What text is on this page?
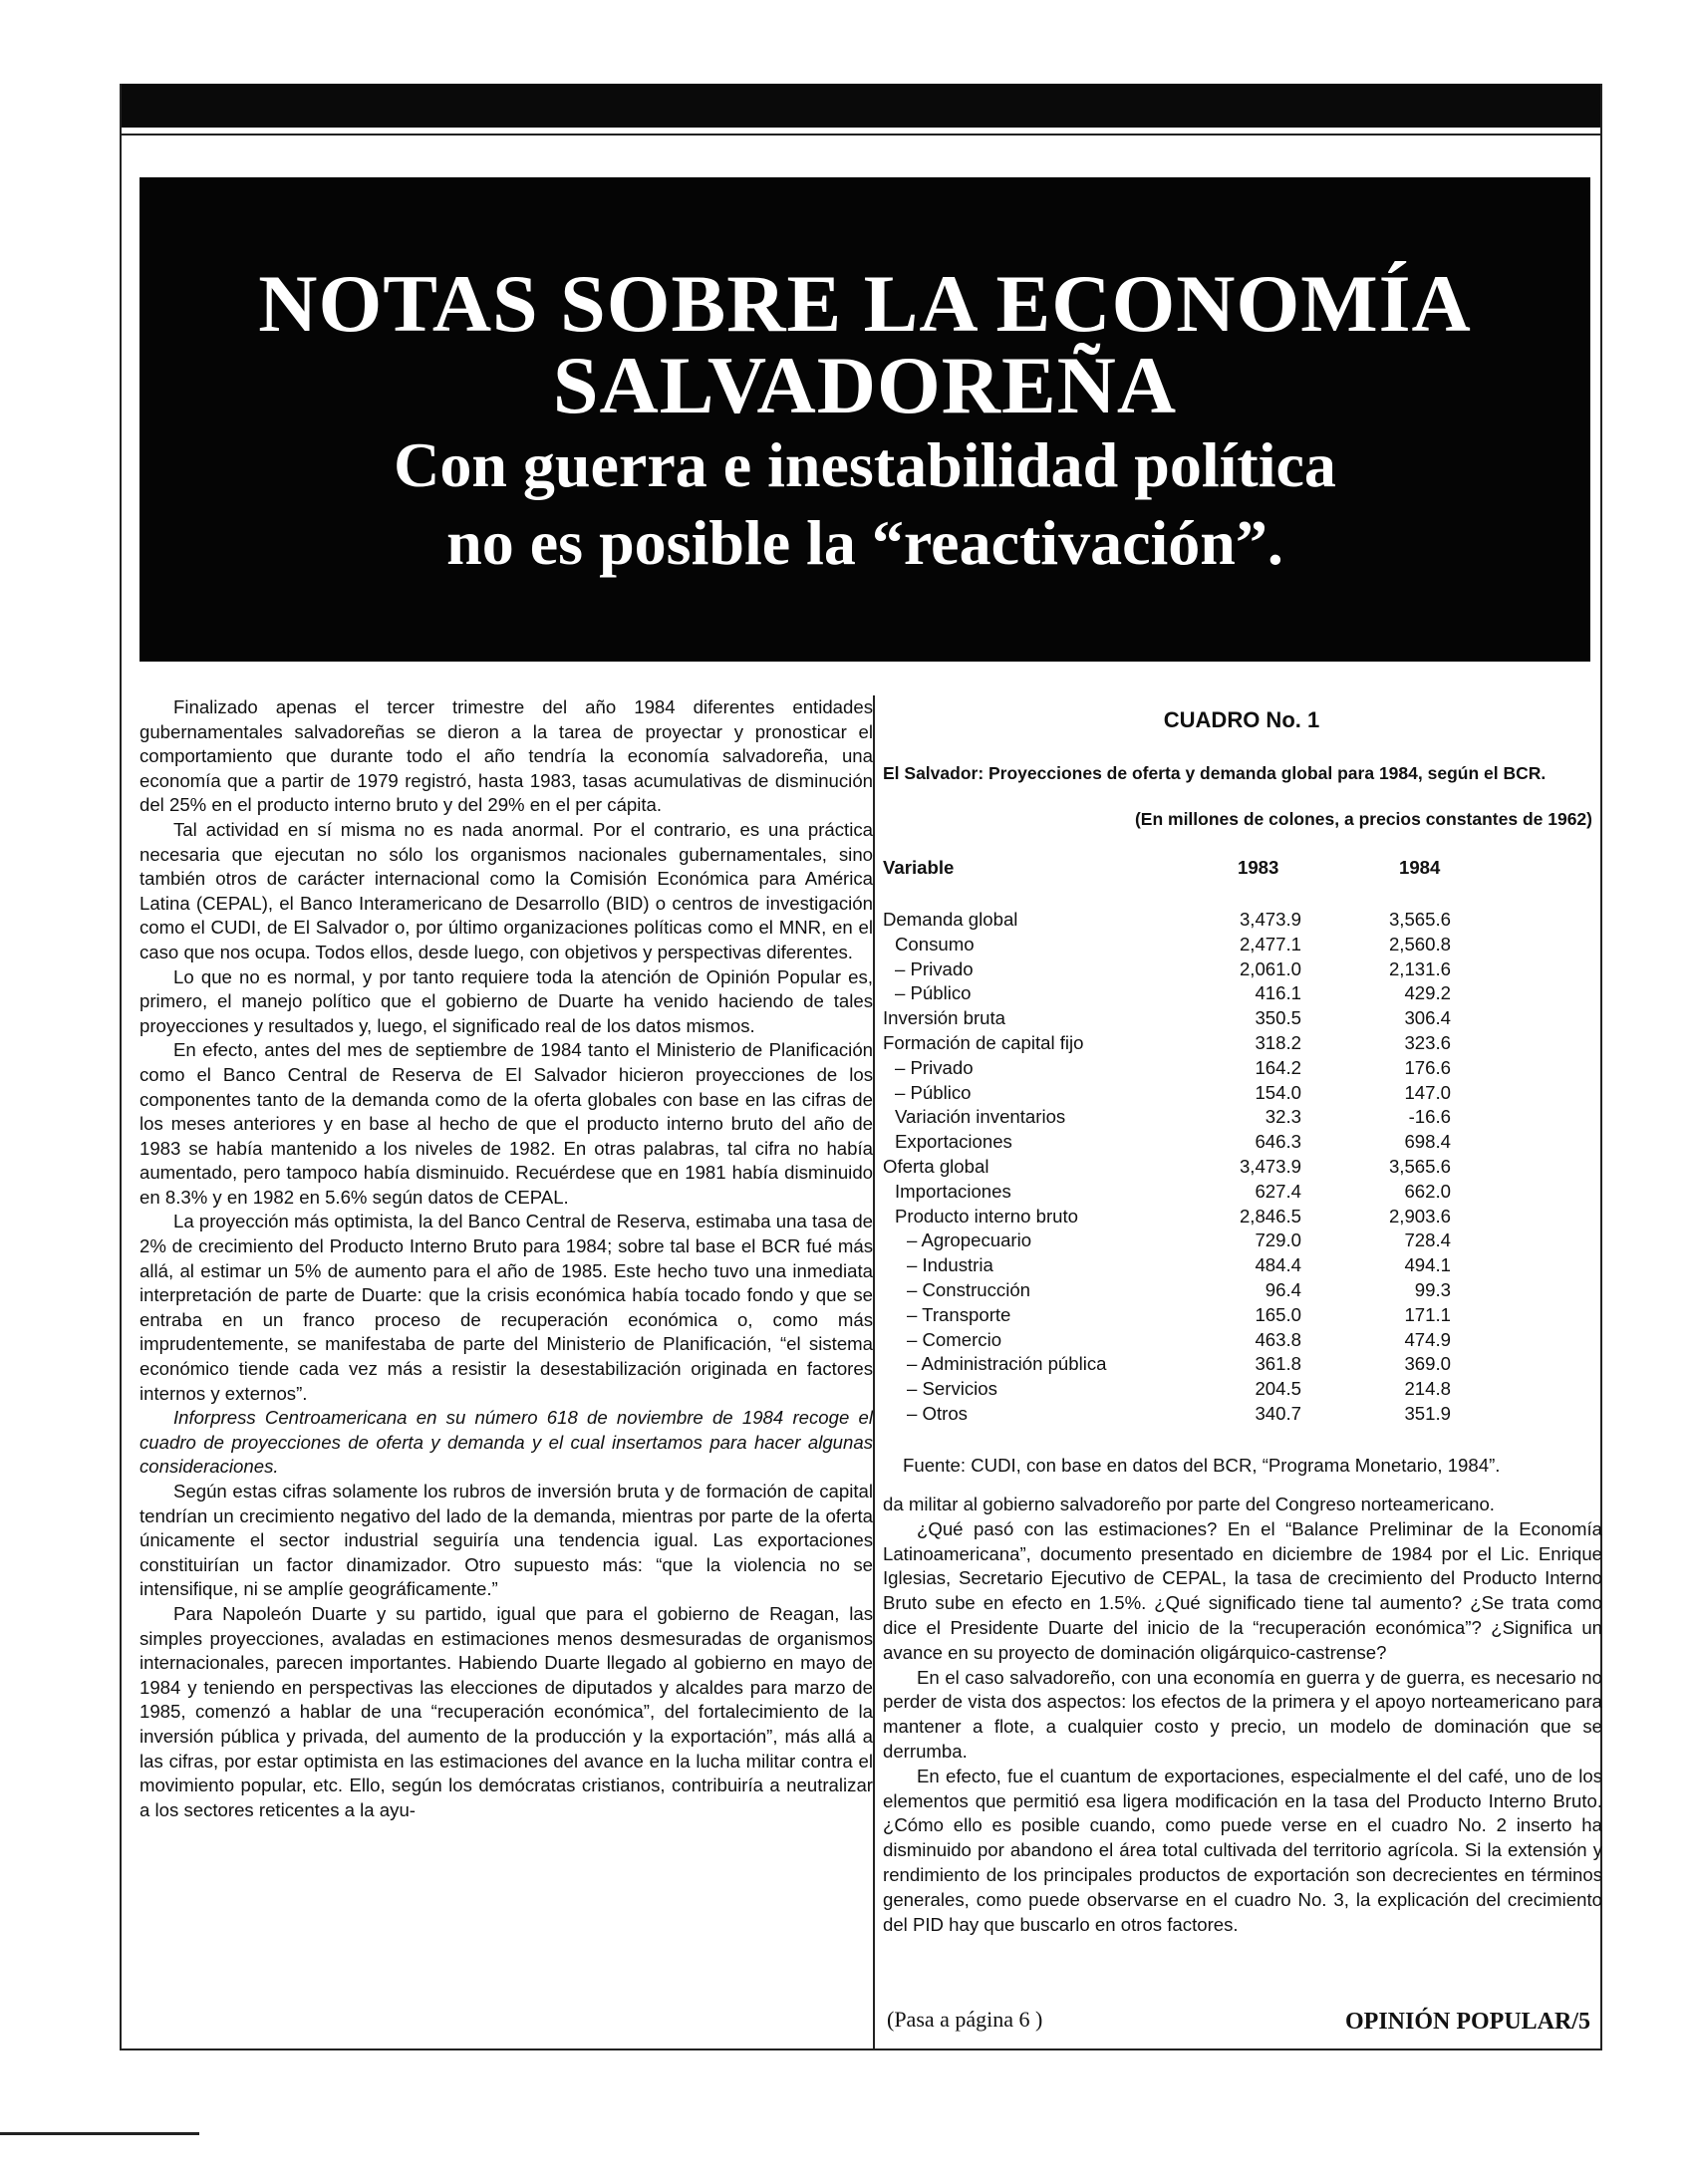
NOTAS SOBRE LA ECONOMÍA
SALVADOREÑA
Con guerra e inestabilidad política
no es posible la “reactivación”.

Finalizado apenas el tercer trimestre del año 1984 diferentes entidades gubernamentales salvadoreñas se dieron a la tarea de proyectar y pronosticar el comportamiento que durante todo el año tendría la economía salvadoreña, una economía que a partir de 1979 registró, hasta 1983, tasas acumulativas de disminución del 25% en el producto interno bruto y del 29% en el per cápita.

Tal actividad en sí misma no es nada anormal. Por el contrario, es una práctica necesaria que ejecutan no sólo los organismos nacionales gubernamentales, sino también otros de carácter internacional como la Comisión Económica para América Latina (CEPAL), el Banco Interamericano de Desarrollo (BID) o centros de investigación como el CUDI, de El Salvador o, por último organizaciones políticas como el MNR, en el caso que nos ocupa. Todos ellos, desde luego, con objetivos y perspectivas diferentes.

Lo que no es normal, y por tanto requiere toda la atención de Opinión Popular es, primero, el manejo político que el gobierno de Duarte ha venido haciendo de tales proyecciones y resultados y, luego, el significado real de los datos mismos.

En efecto, antes del mes de septiembre de 1984 tanto el Ministerio de Planificación como el Banco Central de Reserva de El Salvador hicieron proyecciones de los componentes tanto de la demanda como de la oferta globales con base en las cifras de los meses anteriores y en base al hecho de que el producto interno bruto del año de 1983 se había mantenido a los niveles de 1982. En otras palabras, tal cifra no había aumentado, pero tampoco había disminuido. Recuérdese que en 1981 había disminuido en 8.3% y en 1982 en 5.6% según datos de CEPAL.

La proyección más optimista, la del Banco Central de Reserva, estimaba una tasa de 2% de crecimiento del Producto Interno Bruto para 1984; sobre tal base el BCR fué más allá, al estimar un 5% de aumento para el año de 1985. Este hecho tuvo una inmediata interpretación de parte de Duarte: que la crisis económica había tocado fondo y que se entraba en un franco proceso de recuperación económica o, como más imprudentemente, se manifestaba de parte del Ministerio de Planificación, “el sistema económico tiende cada vez más a resistir la desestabilización originada en factores internos y externos”.

Inforpress Centroamericana en su número 618 de noviembre de 1984 recoge el cuadro de proyecciones de oferta y demanda y el cual insertamos para hacer algunas consideraciones.

Según estas cifras solamente los rubros de inversión bruta y de formación de capital tendrían un crecimiento negativo del lado de la demanda, mientras por parte de la oferta únicamente el sector industrial seguiría una tendencia igual. Las exportaciones constituirían un factor dinamizador. Otro supuesto más: “que la violencia no se intensifique, ni se amplíe geográficamente.”

Para Napoleón Duarte y su partido, igual que para el gobierno de Reagan, las simples proyecciones, avaladas en estimaciones menos desmesuradas de organismos internacionales, parecen importantes. Habiendo Duarte llegado al gobierno en mayo de 1984 y teniendo en perspectivas las elecciones de diputados y alcaldes para marzo de 1985, comenzó a hablar de una “recuperación económica”, del fortalecimiento de la inversión pública y privada, del aumento de la producción y la exportación”, más allá a las cifras, por estar optimista en las estimaciones del avance en la lucha militar contra el movimiento popular, etc. Ello, según los demócratas cristianos, contribuiría a neutralizar a los sectores reticentes a la ayu-

CUADRO No. 1
El Salvador: Proyecciones de oferta y demanda global para 1984, según el BCR.
(En millones de colones, a precios constantes de 1962)
Variable	1983	1984
Demanda global	3,473.9	3,565.6
Consumo	2,477.1	2,560.8
– Privado	2,061.0	2,131.6
– Público	416.1	429.2
Inversión bruta	350.5	306.4
Formación de capital fijo	318.2	323.6
– Privado	164.2	176.6
– Público	154.0	147.0
Variación inventarios	32.3	-16.6
Exportaciones	646.3	698.4
Oferta global	3,473.9	3,565.6
Importaciones	627.4	662.0
Producto interno bruto	2,846.5	2,903.6
– Agropecuario	729.0	728.4
– Industria	484.4	494.1
– Construcción	96.4	99.3
– Transporte	165.0	171.1
– Comercio	463.8	474.9
– Administración pública	361.8	369.0
– Servicios	204.5	214.8
– Otros	340.7	351.9
Fuente: CUDI, con base en datos del BCR, “Programa Monetario, 1984”.

da militar al gobierno salvadoreño por parte del Congreso norteamericano.

¿Qué pasó con las estimaciones? En el “Balance Preliminar de la Economía Latinoamericana”, documento presentado en diciembre de 1984 por el Lic. Enrique Iglesias, Secretario Ejecutivo de CEPAL, la tasa de crecimiento del Producto Interno Bruto sube en efecto en 1.5%. ¿Qué significado tiene tal aumento? ¿Se trata como dice el Presidente Duarte del inicio de la “recuperación económica”? ¿Significa un avance en su proyecto de dominación oligárquico-castrense?

En el caso salvadoreño, con una economía en guerra y de guerra, es necesario no perder de vista dos aspectos: los efectos de la primera y el apoyo norteamericano para mantener a flote, a cualquier costo y precio, un modelo de dominación que se derrumba.

En efecto, fue el cuantum de exportaciones, especialmente el del café, uno de los elementos que permitió esa ligera modificación en la tasa del Producto Interno Bruto. ¿Cómo ello es posible cuando, como puede verse en el cuadro No. 2 inserto ha disminuido por abandono el área total cultivada del territorio agrícola. Si la extensión y rendimiento de los principales productos de exportación son decrecientes en términos generales, como puede observarse en el cuadro No. 3, la explicación del crecimiento del PID hay que buscarlo en otros factores.

(Pasa a página 6 )	OPINIÓN POPULAR/5
